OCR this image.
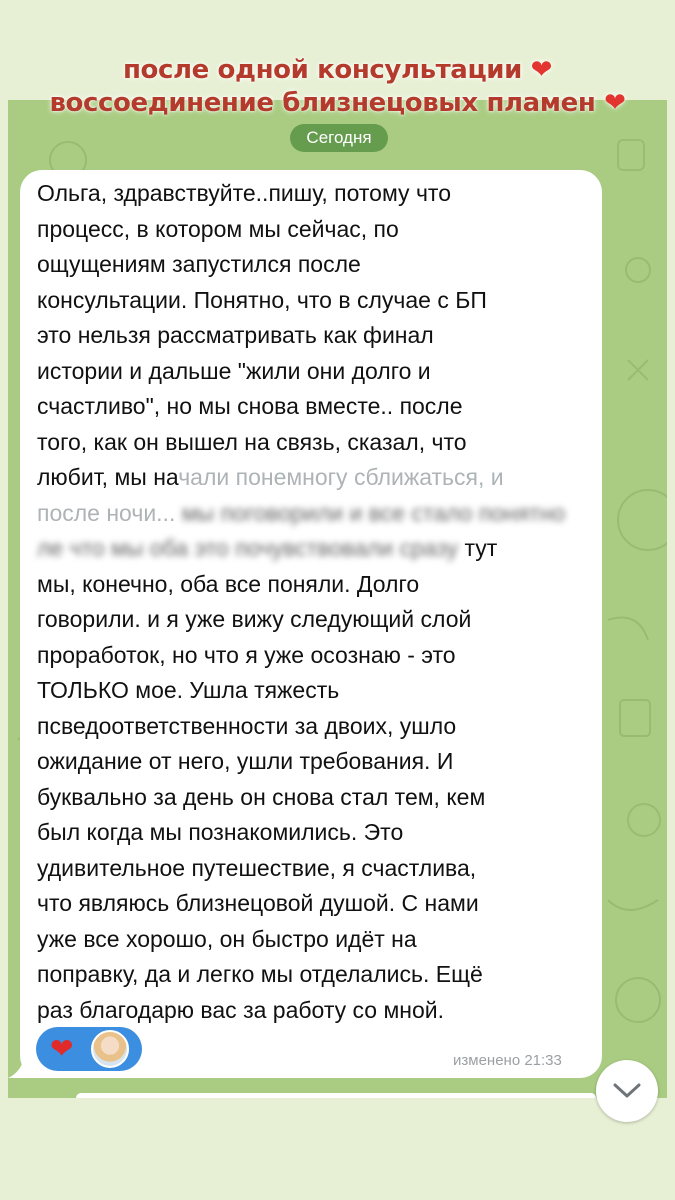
после одной консультации ❤
воссоединение близнецовых пламен ❤
Сегодня
Ольга, здравствуйте..пишу, потому что
процесс, в котором мы сейчас, по
ощущениям запустился после
консультации. Понятно, что в случае с БП
это нельзя рассматривать как финал
истории и дальше "жили они долго и
счастливо", но мы снова вместе.. после
того, как он вышел на связь, сказал, что
любит, мы начали понемногу сближаться, и
после ночи... мы поговорили и все стало понятно
ле что мы оба это почувствовали сразу тут
мы, конечно, оба все поняли. Долго
говорили. и я уже вижу следующий слой
проработок, но что я уже осознаю - это
ТОЛЬКО мое. Ушла тяжесть
псведоответственности за двоих, ушло
ожидание от него, ушли требования. И
буквально за день он снова стал тем, кем
был когда мы познакомились. Это
удивительное путешествие, я счастлива,
что являюсь близнецовой душой. С нами
уже все хорошо, он быстро идёт на
поправку, да и легко мы отделались. Ещё
раз благодарю вас за работу со мной.
❤	изменено 21:33
